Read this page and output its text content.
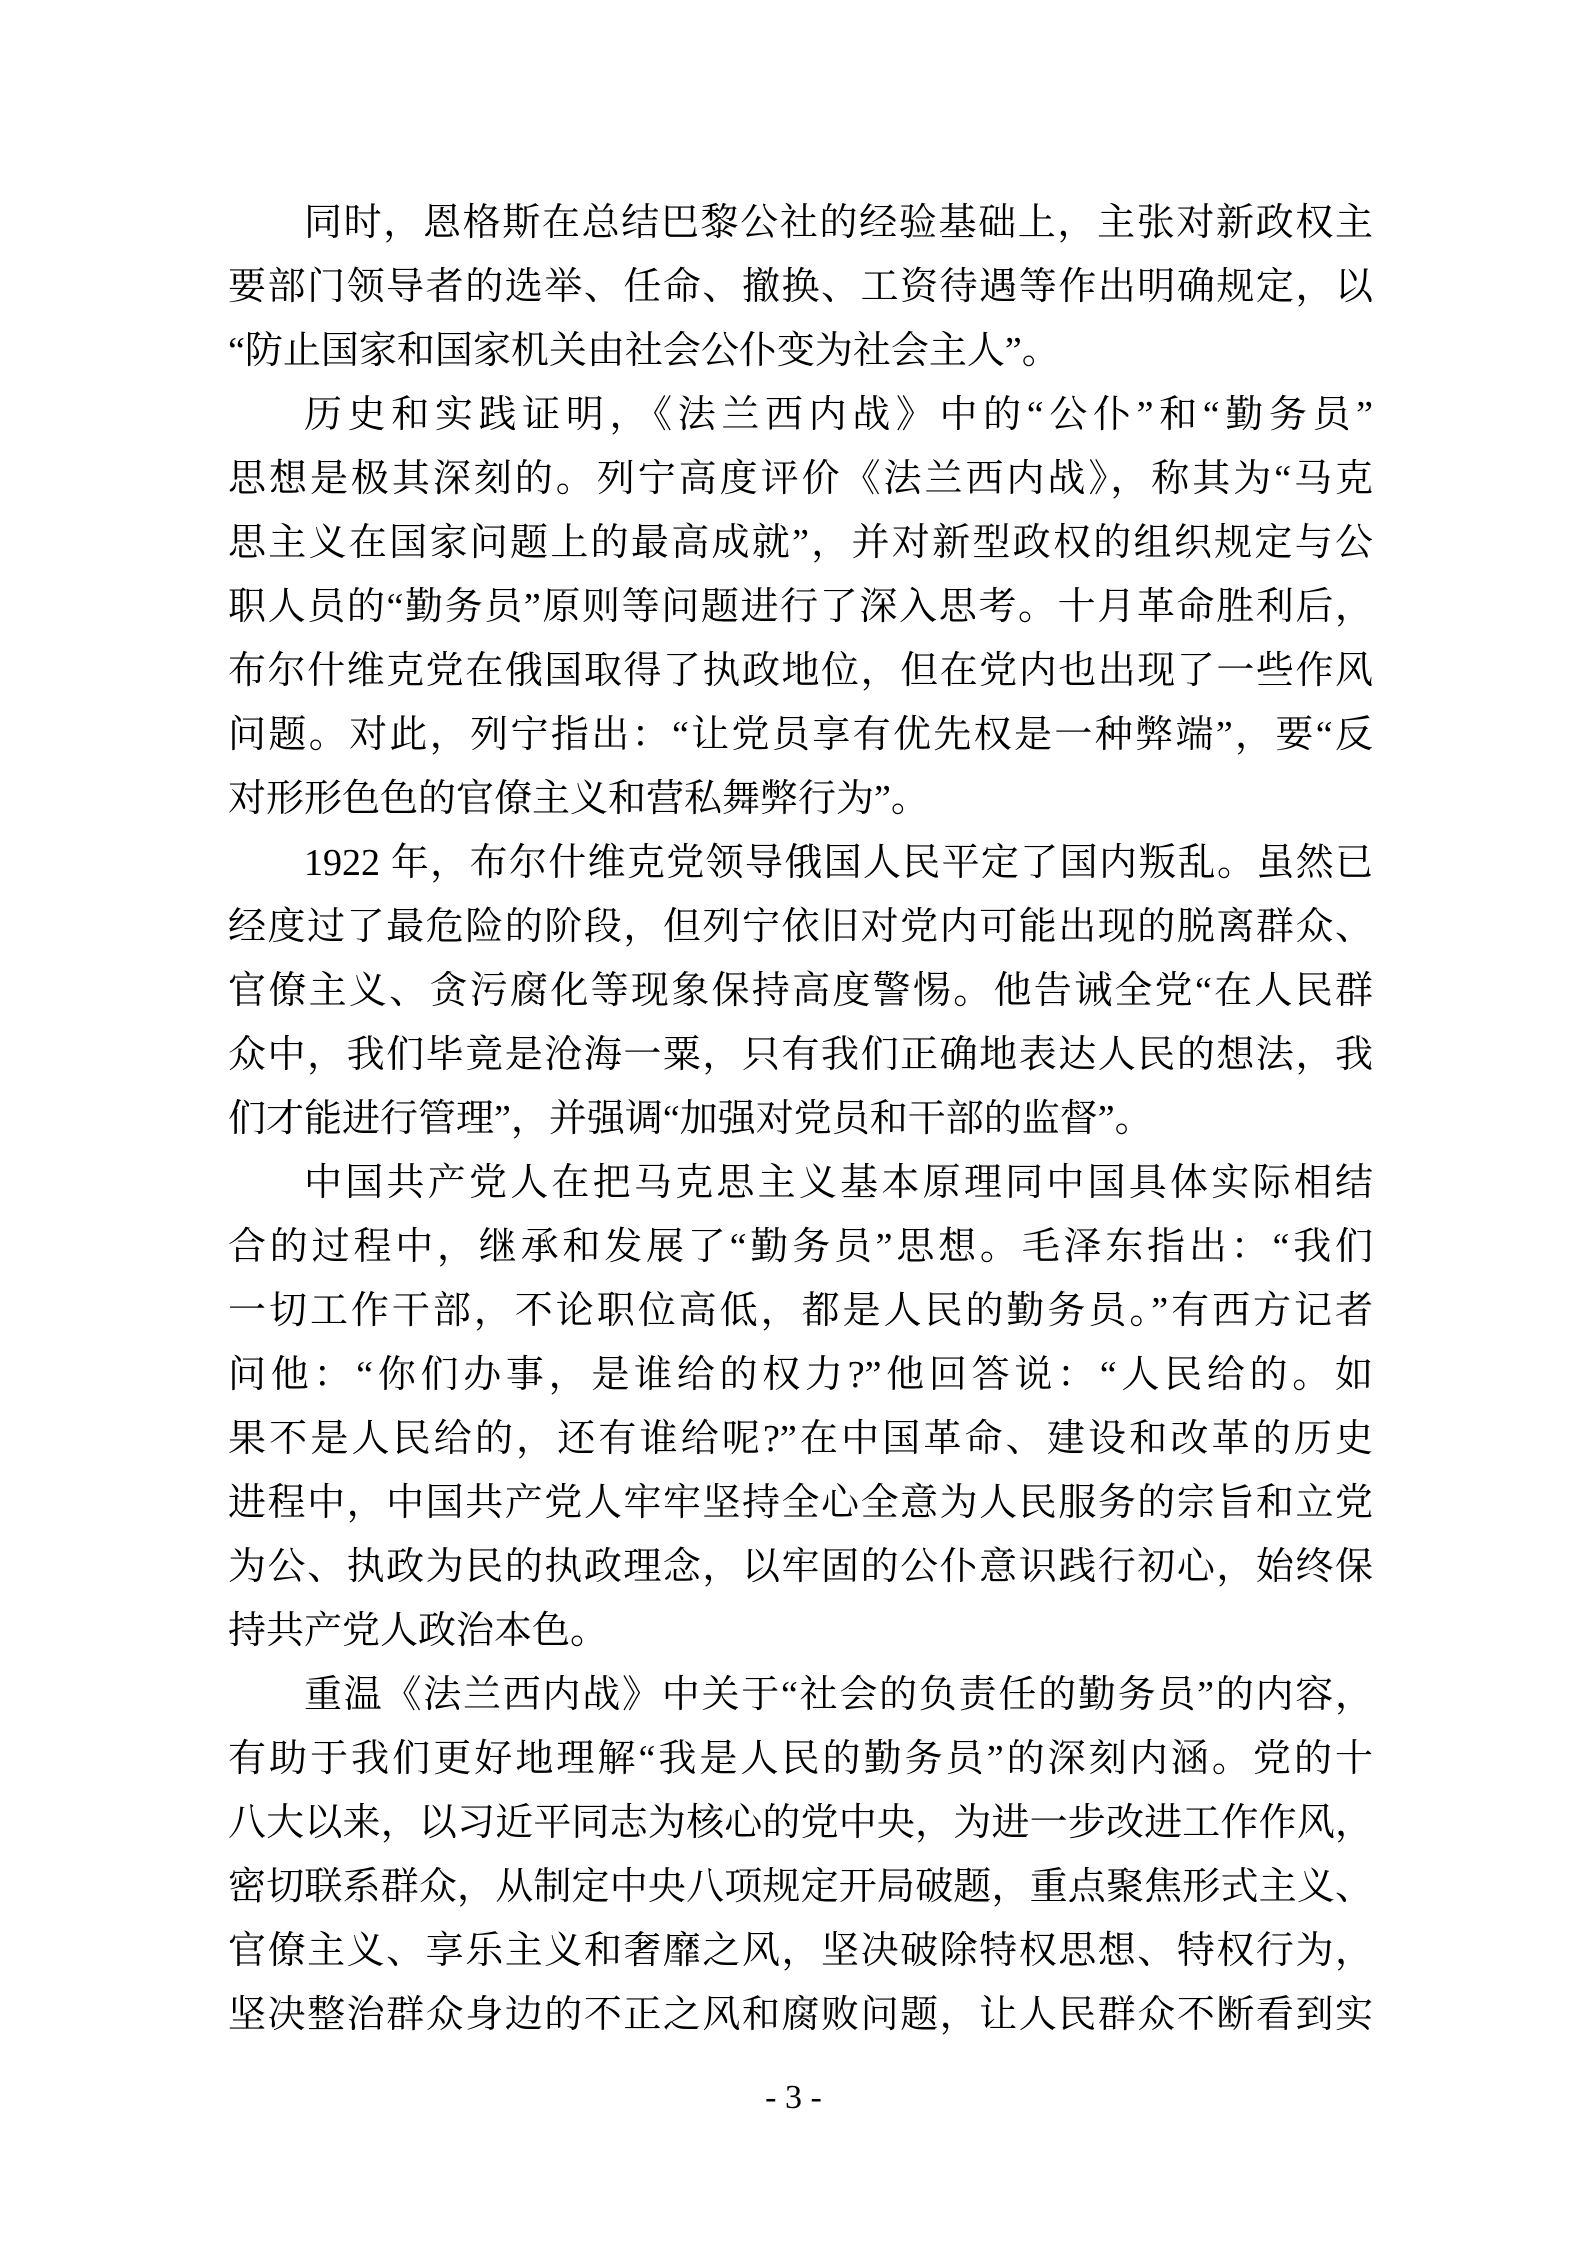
同时，恩格斯在总结巴黎公社的经验基础上，主张对新政权主
要部门领导者的选举、任命、撤换、工资待遇等作出明确规定，以
“防止国家和国家机关由社会公仆变为社会主人”。
历史和实践证明，《法兰西内战》中的“公仆”和“勤务员”
思想是极其深刻的。列宁高度评价《法兰西内战》，称其为“马克
思主义在国家问题上的最高成就”，并对新型政权的组织规定与公
职人员的“勤务员”原则等问题进行了深入思考。十月革命胜利后，
布尔什维克党在俄国取得了执政地位，但在党内也出现了一些作风
问题。对此，列宁指出：“让党员享有优先权是一种弊端”，要“反
对形形色色的官僚主义和营私舞弊行为”。
1922 年，布尔什维克党领导俄国人民平定了国内叛乱。虽然已
经度过了最危险的阶段，但列宁依旧对党内可能出现的脱离群众、
官僚主义、贪污腐化等现象保持高度警惕。他告诫全党“在人民群
众中，我们毕竟是沧海一粟，只有我们正确地表达人民的想法，我
们才能进行管理”，并强调“加强对党员和干部的监督”。
中国共产党人在把马克思主义基本原理同中国具体实际相结
合的过程中，继承和发展了“勤务员”思想。毛泽东指出：“我们
一切工作干部，不论职位高低，都是人民的勤务员。”有西方记者
问他：“你们办事，是谁给的权力?”他回答说：“人民给的。如
果不是人民给的，还有谁给呢?”在中国革命、建设和改革的历史
进程中，中国共产党人牢牢坚持全心全意为人民服务的宗旨和立党
为公、执政为民的执政理念，以牢固的公仆意识践行初心，始终保
持共产党人政治本色。
重温《法兰西内战》中关于“社会的负责任的勤务员”的内容，
有助于我们更好地理解“我是人民的勤务员”的深刻内涵。党的十
八大以来，以习近平同志为核心的党中央，为进一步改进工作作风，
密切联系群众，从制定中央八项规定开局破题，重点聚焦形式主义、
官僚主义、享乐主义和奢靡之风，坚决破除特权思想、特权行为，
坚决整治群众身边的不正之风和腐败问题，让人民群众不断看到实
- 3 -
